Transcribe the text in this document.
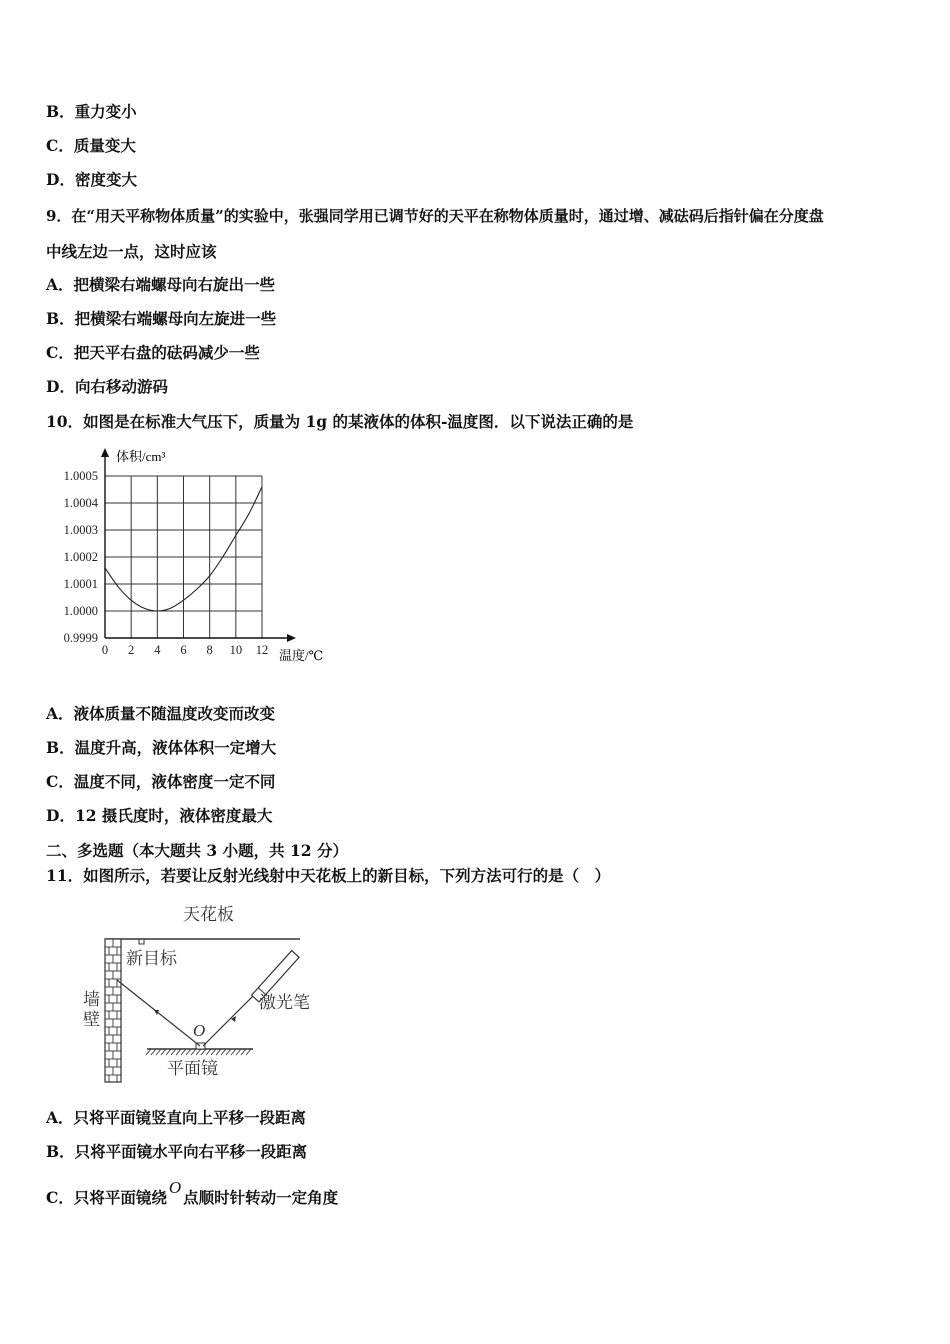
B．重力变小
C．质量变大
D．密度变大
9．在“用天平称物体质量”的实验中，张强同学用已调节好的天平在称物体质量时，通过增、减砝码后指针偏在分度盘
中线左边一点，这时应该
A．把横梁右端螺母向右旋出一些
B．把横梁右端螺母向左旋进一些
C．把天平右盘的砝码减少一些
D．向右移动游码
10．如图是在标准大气压下，质量为 1g 的某液体的体积-温度图．以下说法正确的是
0 2 4 6 8 10 12
0.9999
1.0000
1.0001
1.0002
1.0003
1.0004
1.0005
体积/cm³
温度/℃
A．液体质量不随温度改变而改变
B．温度升高，液体体积一定增大
C．温度不同，液体密度一定不同
D．12 摄氏度时，液体密度最大
二、多选题（本大题共 3 小题，共 12 分）
11．如图所示，若要让反射光线射中天花板上的新目标，下列方法可行的是（　）
天花板
新目标
墙
壁
O
平面镜
激光笔
A．只将平面镜竖直向上平移一段距离
B．只将平面镜水平向右平移一段距离
C．只将平面镜绕O点顺时针转动一定角度
